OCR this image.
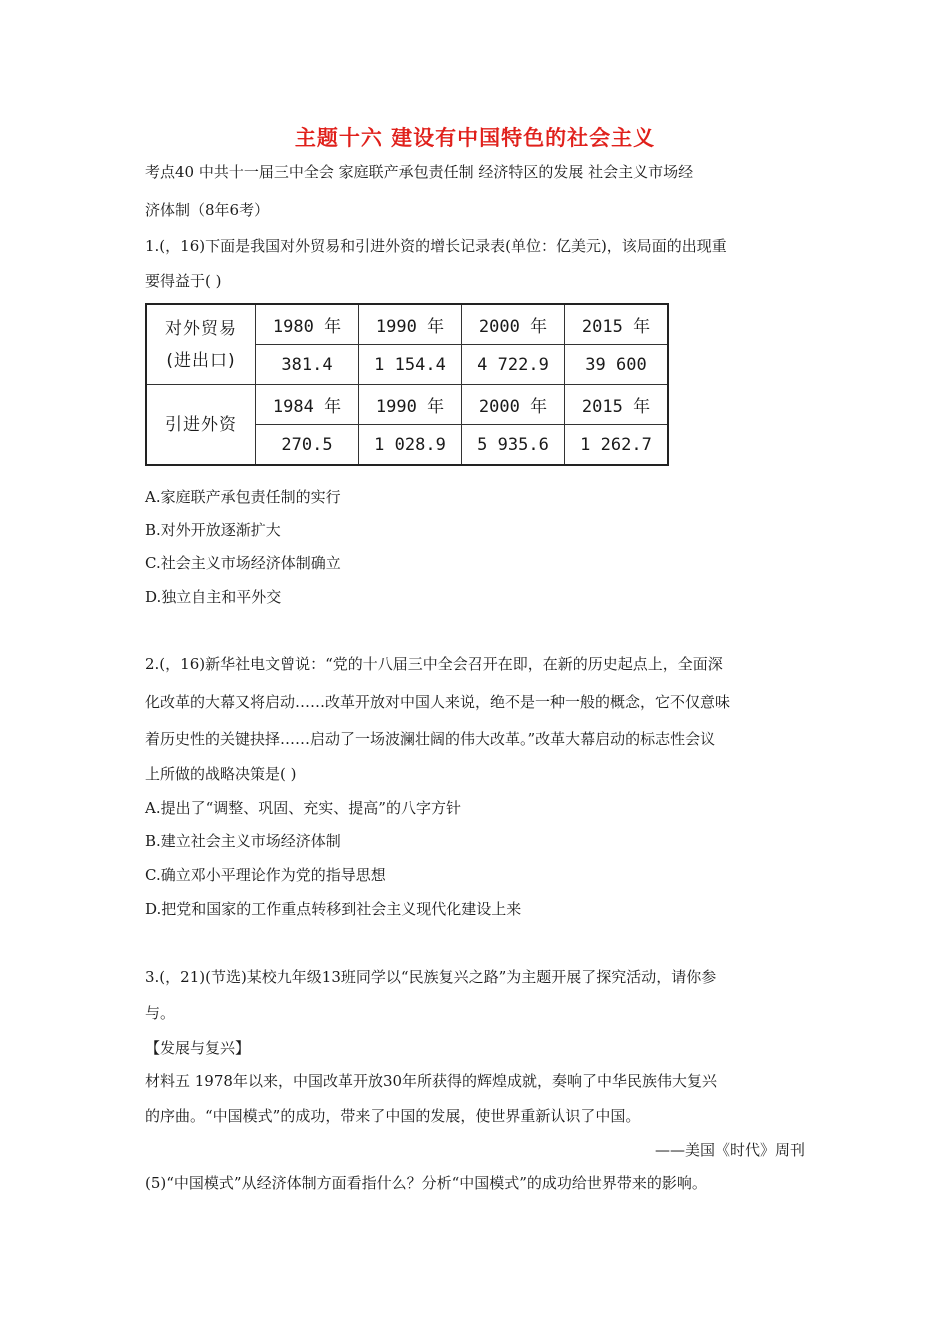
主题十六 建设有中国特色的社会主义
考点40 中共十一届三中全会 家庭联产承包责任制 经济特区的发展 社会主义市场经
济体制（8年6考）
1.(，16)下面是我国对外贸易和引进外资的增长记录表(单位：亿美元)，该局面的出现重
要得益于( )
对外贸易
(进出口)	1980 年	1990 年	2000 年	2015 年
	381.4	1 154.4	4 722.9	39 600
引进外资	1984 年	1990 年	2000 年	2015 年
	270.5	1 028.9	5 935.6	1 262.7
A.家庭联产承包责任制的实行
B.对外开放逐渐扩大
C.社会主义市场经济体制确立
D.独立自主和平外交
2.(，16)新华社电文曾说：“党的十八届三中全会召开在即，在新的历史起点上，全面深
化改革的大幕又将启动……改革开放对中国人来说，绝不是一种一般的概念，它不仅意味
着历史性的关键抉择……启动了一场波澜壮阔的伟大改革。”改革大幕启动的标志性会议
上所做的战略决策是( )
A.提出了“调整、巩固、充实、提高”的八字方针
B.建立社会主义市场经济体制
C.确立邓小平理论作为党的指导思想
D.把党和国家的工作重点转移到社会主义现代化建设上来
3.(，21)(节选)某校九年级13班同学以“民族复兴之路”为主题开展了探究活动，请你参
与。
【发展与复兴】
材料五 1978年以来，中国改革开放30年所获得的辉煌成就，奏响了中华民族伟大复兴
的序曲。“中国模式”的成功，带来了中国的发展，使世界重新认识了中国。
——美国《时代》周刊
(5)“中国模式”从经济体制方面看指什么？分析“中国模式”的成功给世界带来的影响。
